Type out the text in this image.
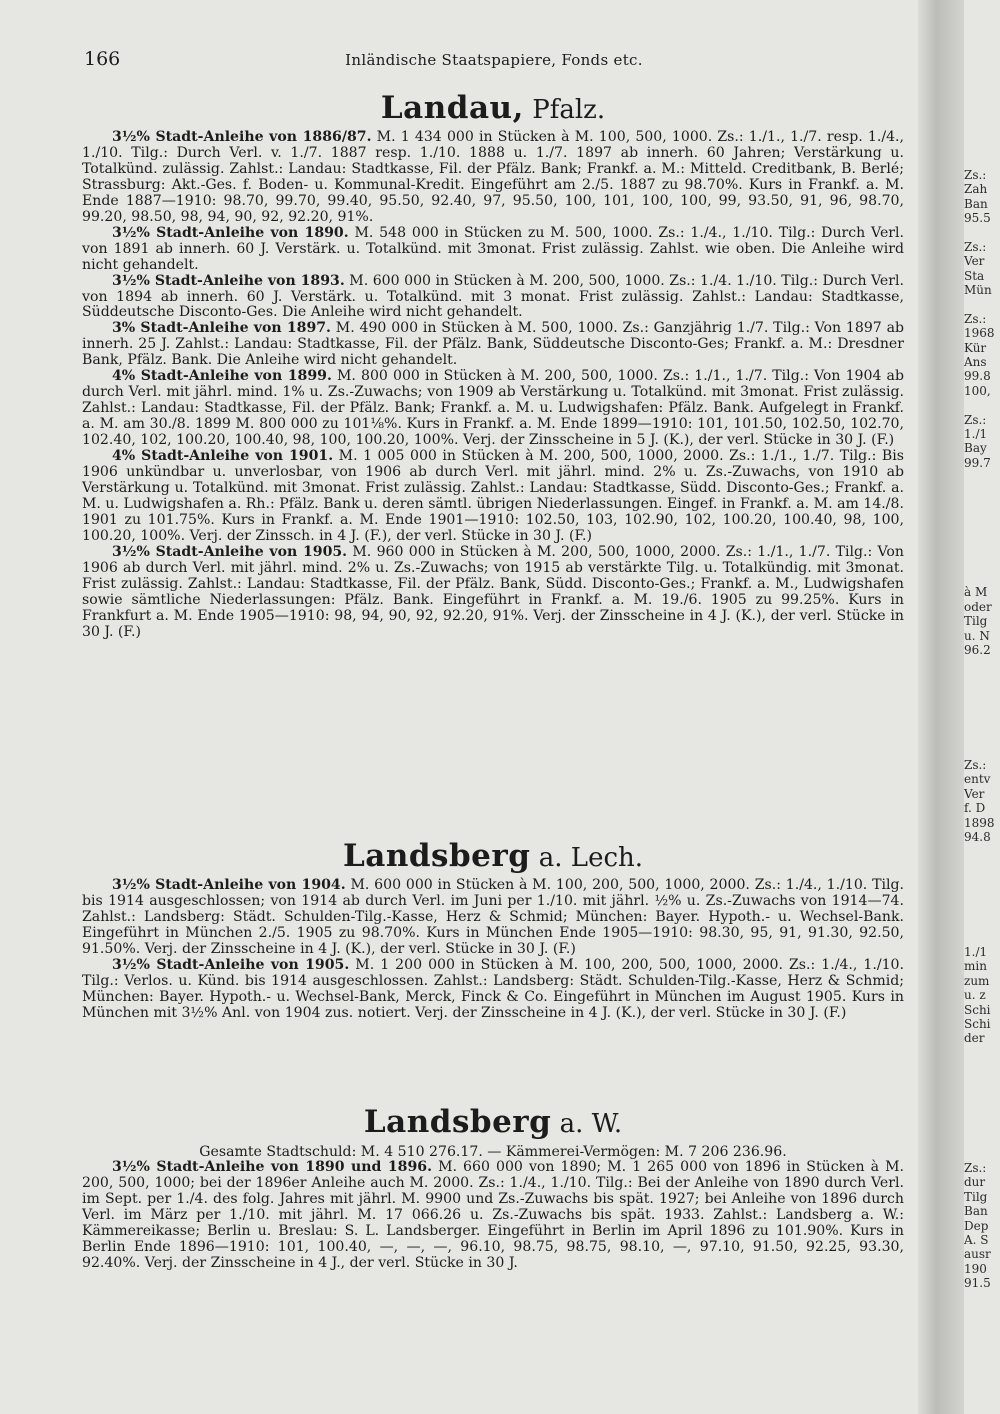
166	Inländische Staatspapiere, Fonds etc.
Landau, Pfalz.

3½% Stadt-Anleihe von 1886/87. M. 1 434 000 in Stücken à M. 100, 500, 1000. Zs.: 1./1., 1./7. resp. 1./4., 1./10. Tilg.: Durch Verl. v. 1./7. 1887 resp. 1./10. 1888 u. 1./7. 1897 ab innerh. 60 Jahren; Verstärkung u. Totalkünd. zulässig. Zahlst.: Landau: Stadtkasse, Fil. der Pfälz. Bank; Frankf. a. M.: Mitteld. Creditbank, B. Berlé; Strassburg: Akt.-Ges. f. Boden- u. Kommunal-Kredit. Eingeführt am 2./5. 1887 zu 98.70%. Kurs in Frankf. a. M. Ende 1887—1910: 98.70, 99.70, 99.40, 95.50, 92.40, 97, 95.50, 100, 101, 100, 100, 99, 93.50, 91, 96, 98.70, 99.20, 98.50, 98, 94, 90, 92, 92.20, 91%.

3½% Stadt-Anleihe von 1890. M. 548 000 in Stücken zu M. 500, 1000. Zs.: 1./4., 1./10. Tilg.: Durch Verl. von 1891 ab innerh. 60 J. Verstärk. u. Totalkünd. mit 3monat. Frist zulässig. Zahlst. wie oben. Die Anleihe wird nicht gehandelt.

3½% Stadt-Anleihe von 1893. M. 600 000 in Stücken à M. 200, 500, 1000. Zs.: 1./4. 1./10. Tilg.: Durch Verl. von 1894 ab innerh. 60 J. Verstärk. u. Totalkünd. mit 3 monat. Frist zulässig. Zahlst.: Landau: Stadtkasse, Süddeutsche Disconto-Ges. Die Anleihe wird nicht gehandelt.

3% Stadt-Anleihe von 1897. M. 490 000 in Stücken à M. 500, 1000. Zs.: Ganzjährig 1./7. Tilg.: Von 1897 ab innerh. 25 J. Zahlst.: Landau: Stadtkasse, Fil. der Pfälz. Bank, Süddeutsche Disconto-Ges; Frankf. a. M.: Dresdner Bank, Pfälz. Bank. Die Anleihe wird nicht gehandelt.

4% Stadt-Anleihe von 1899. M. 800 000 in Stücken à M. 200, 500, 1000. Zs.: 1./1., 1./7. Tilg.: Von 1904 ab durch Verl. mit jährl. mind. 1% u. Zs.-Zuwachs; von 1909 ab Verstärkung u. Totalkünd. mit 3monat. Frist zulässig. Zahlst.: Landau: Stadtkasse, Fil. der Pfälz. Bank; Frankf. a. M. u. Ludwigshafen: Pfälz. Bank. Aufgelegt in Frankf. a. M. am 30./8. 1899 M. 800 000 zu 101⅛%. Kurs in Frankf. a. M. Ende 1899—1910: 101, 101.50, 102.50, 102.70, 102.40, 102, 100.20, 100.40, 98, 100, 100.20, 100%. Verj. der Zinsscheine in 5 J. (K.), der verl. Stücke in 30 J. (F.)

4% Stadt-Anleihe von 1901. M. 1 005 000 in Stücken à M. 200, 500, 1000, 2000. Zs.: 1./1., 1./7. Tilg.: Bis 1906 unkündbar u. unverlosbar, von 1906 ab durch Verl. mit jährl. mind. 2% u. Zs.-Zuwachs, von 1910 ab Verstärkung u. Totalkünd. mit 3monat. Frist zulässig. Zahlst.: Landau: Stadtkasse, Südd. Disconto-Ges.; Frankf. a. M. u. Ludwigshafen a. Rh.: Pfälz. Bank u. deren sämtl. übrigen Niederlassungen. Eingef. in Frankf. a. M. am 14./8. 1901 zu 101.75%. Kurs in Frankf. a. M. Ende 1901—1910: 102.50, 103, 102.90, 102, 100.20, 100.40, 98, 100, 100.20, 100%. Verj. der Zinssch. in 4 J. (F.), der verl. Stücke in 30 J. (F.)

3½% Stadt-Anleihe von 1905. M. 960 000 in Stücken à M. 200, 500, 1000, 2000. Zs.: 1./1., 1./7. Tilg.: Von 1906 ab durch Verl. mit jährl. mind. 2% u. Zs.-Zuwachs; von 1915 ab verstärkte Tilg. u. Totalkündig. mit 3monat. Frist zulässig. Zahlst.: Landau: Stadtkasse, Fil. der Pfälz. Bank, Südd. Disconto-Ges.; Frankf. a. M., Ludwigshafen sowie sämtliche Niederlassungen: Pfälz. Bank. Eingeführt in Frankf. a. M. 19./6. 1905 zu 99.25%. Kurs in Frankfurt a. M. Ende 1905—1910: 98, 94, 90, 92, 92.20, 91%. Verj. der Zinsscheine in 4 J. (K.), der verl. Stücke in 30 J. (F.)

Landsberg a. Lech.

3½% Stadt-Anleihe von 1904. M. 600 000 in Stücken à M. 100, 200, 500, 1000, 2000. Zs.: 1./4., 1./10. Tilg. bis 1914 ausgeschlossen; von 1914 ab durch Verl. im Juni per 1./10. mit jährl. ½% u. Zs.-Zuwachs von 1914—74. Zahlst.: Landsberg: Städt. Schulden-Tilg.-Kasse, Herz & Schmid; München: Bayer. Hypoth.- u. Wechsel-Bank. Eingeführt in München 2./5. 1905 zu 98.70%. Kurs in München Ende 1905—1910: 98.30, 95, 91, 91.30, 92.50, 91.50%. Verj. der Zinsscheine in 4 J. (K.), der verl. Stücke in 30 J. (F.)

3½% Stadt-Anleihe von 1905. M. 1 200 000 in Stücken à M. 100, 200, 500, 1000, 2000. Zs.: 1./4., 1./10. Tilg.: Verlos. u. Künd. bis 1914 ausgeschlossen. Zahlst.: Landsberg: Städt. Schulden-Tilg.-Kasse, Herz & Schmid; München: Bayer. Hypoth.- u. Wechsel-Bank, Merck, Finck & Co. Eingeführt in München im August 1905. Kurs in München mit 3½% Anl. von 1904 zus. notiert. Verj. der Zinsscheine in 4 J. (K.), der verl. Stücke in 30 J. (F.)

Landsberg a. W.

Gesamte Stadtschuld: M. 4 510 276.17. — Kämmerei-Vermögen: M. 7 206 236.96.

3½% Stadt-Anleihe von 1890 und 1896. M. 660 000 von 1890; M. 1 265 000 von 1896 in Stücken à M. 200, 500, 1000; bei der 1896er Anleihe auch M. 2000. Zs.: 1./4., 1./10. Tilg.: Bei der Anleihe von 1890 durch Verl. im Sept. per 1./4. des folg. Jahres mit jährl. M. 9900 und Zs.-Zuwachs bis spät. 1927; bei Anleihe von 1896 durch Verl. im März per 1./10. mit jährl. M. 17 066.26 u. Zs.-Zuwachs bis spät. 1933. Zahlst.: Landsberg a. W.: Kämmereikasse; Berlin u. Breslau: S. L. Landsberger. Eingeführt in Berlin im April 1896 zu 101.90%. Kurs in Berlin Ende 1896—1910: 101, 100.40, —, —, —, 96.10, 98.75, 98.75, 98.10, —, 97.10, 91.50, 92.25, 93.30, 92.40%. Verj. der Zinsscheine in 4 J., der verl. Stücke in 30 J.

Zs.:
Zah
Ban
95.5
Zs.:
Ver
Sta
Mün
Zs.:
1968
Kür
Ans
99.8
100,
Zs.:
1./1
Bay
99.7
à M
oder
Tilg
u. N
96.2
Zs.:
entv
Ver
f. D
1898
94.8
1./1
min
zum
u. z
Schi
Schi
der
Zs.:
dur
Tilg
Ban
Dep
A. S
ausr
190
91.5
